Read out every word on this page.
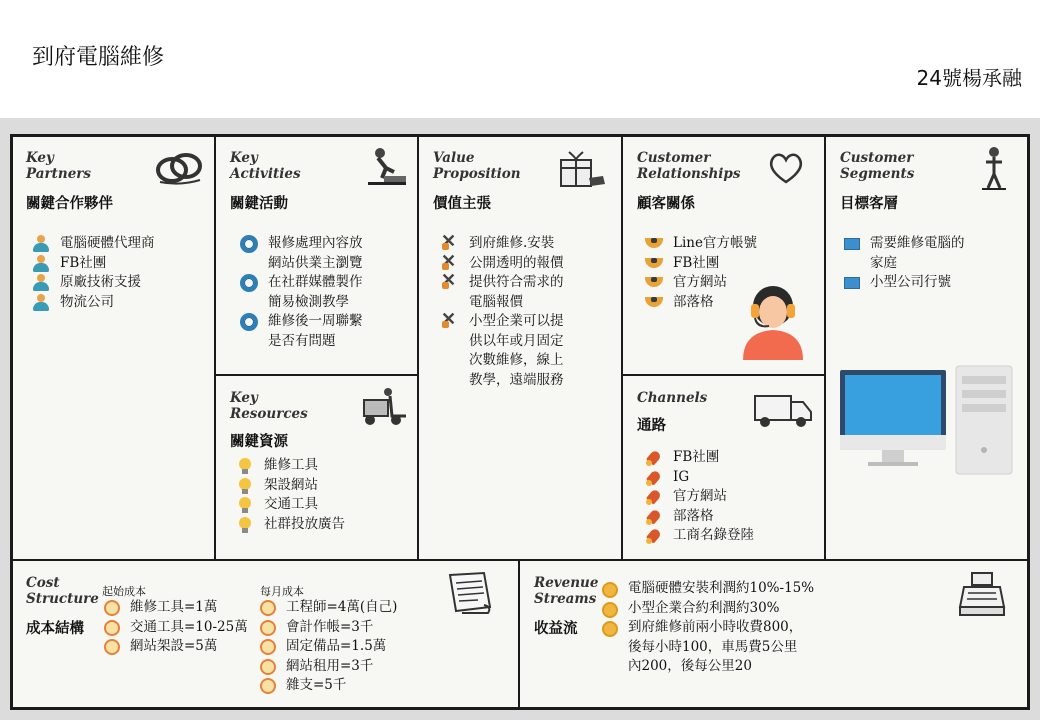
到府電腦維修
24號楊承融
Key
Partners
關鍵合作夥伴
電腦硬體代理商
FB社團
原廠技術支援
物流公司
Key
Activities
關鍵活動
報修處理內容放
網站供業主瀏覽
在社群媒體製作
簡易檢測教學
維修後一周聯繫
是否有問題
Key
Resources
關鍵資源
維修工具
架設網站
交通工具
社群投放廣告
Value
Proposition
價值主張
✕
到府維修.安裝
✕
公開透明的報價
✕
提供符合需求的
電腦報價
✕
小型企業可以提
供以年或月固定
次數維修，線上
教學，遠端服務
Customer
Relationships
顧客關係
Line官方帳號
FB社團
官方網站
部落格
Channels
通路
FB社團
IG
官方網站
部落格
工商名錄登陸
Customer
Segments
目標客層
需要維修電腦的
家庭
小型公司行號
Cost
Structure
成本結構
起始成本
維修工具=1萬
交通工具=10-25萬
網站架設=5萬
每月成本
工程師=4萬(自己)
會計作帳=3千
固定備品=1.5萬
網站租用=3千
雜支=5千
Revenue
Streams
收益流
電腦硬體安裝利潤約10%-15%
小型企業合約利潤約30%
到府維修前兩小時收費800，
後每小時100，車馬費5公里
內200，後每公里20
